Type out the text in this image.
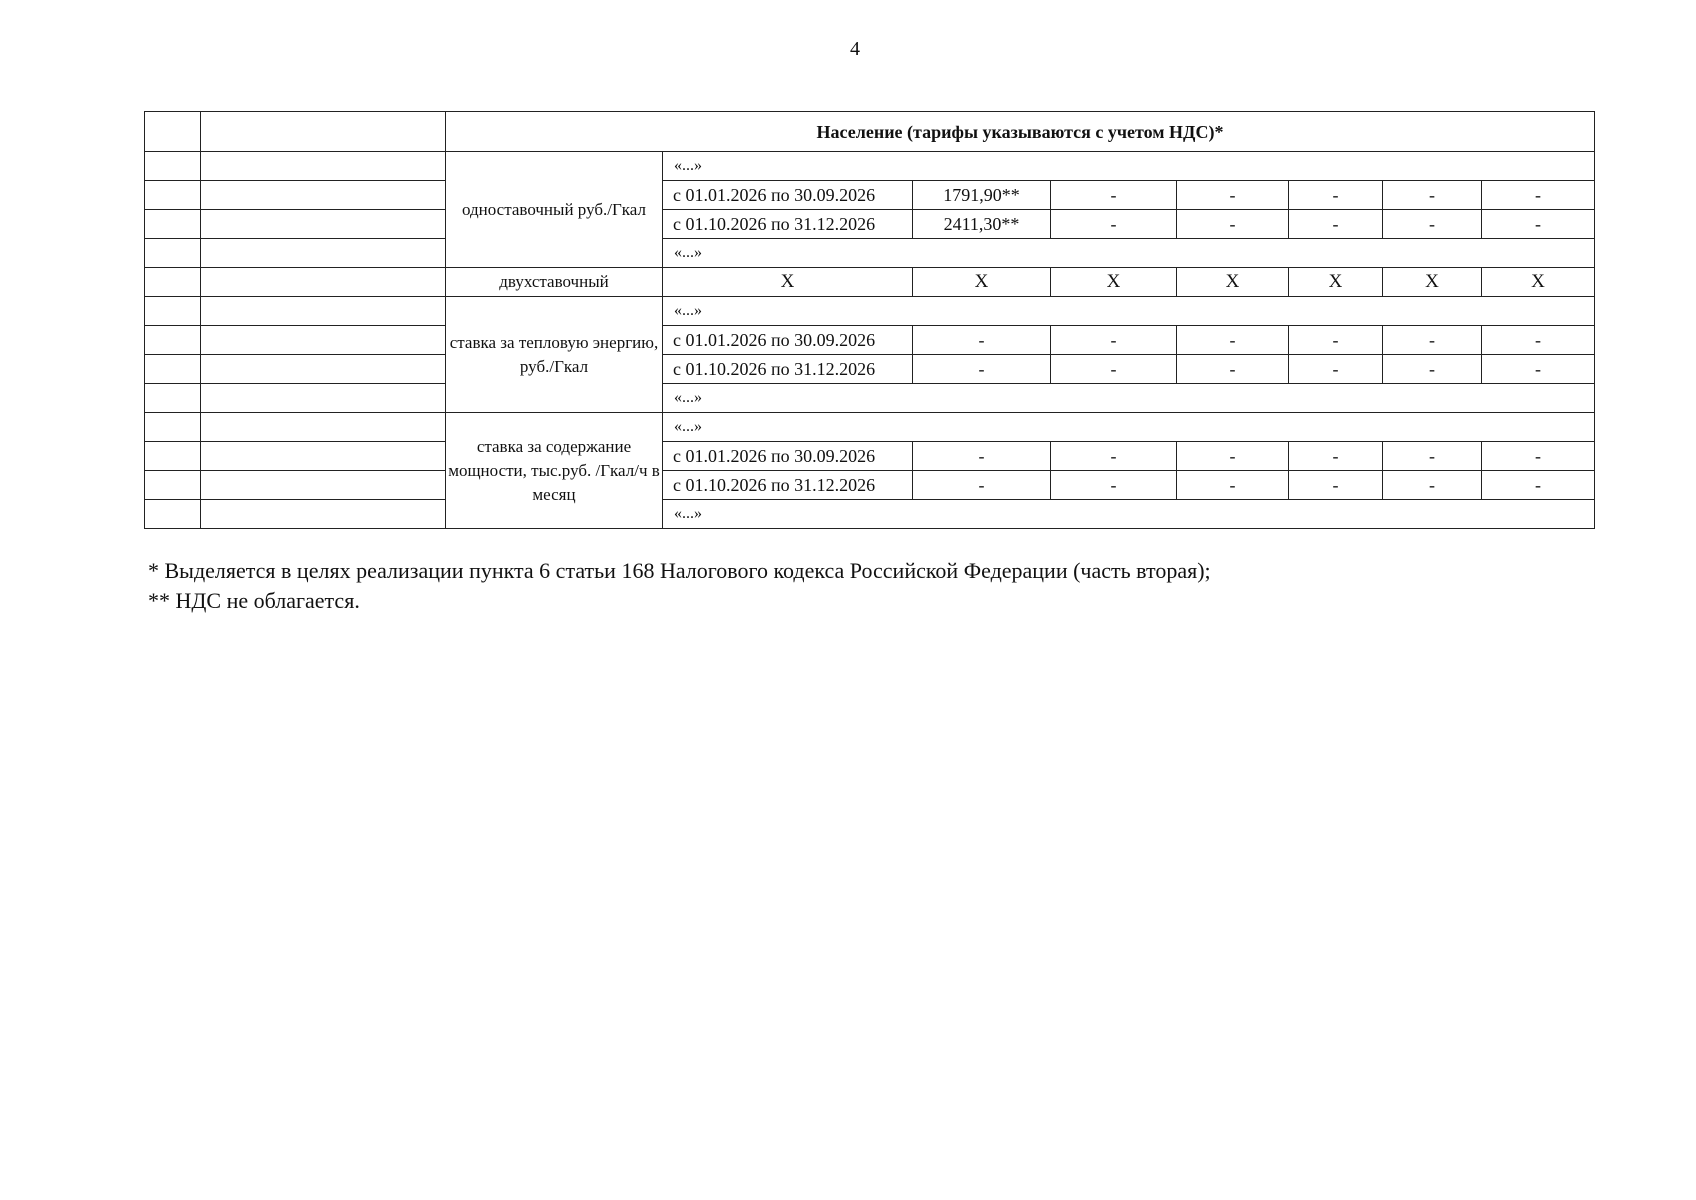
4
		Население (тарифы указываются с учетом НДС)*							
		одноставочный руб./Гкал	«...»						
			с 01.01.2026 по 30.09.2026	1791,90**	-	-	-	-	-
			с 01.10.2026 по 31.12.2026	2411,30**	-	-	-	-	-
			«...»						
		двухставочный	Х	Х	Х	Х	Х	Х	Х
		ставка за тепловую энергию, руб./Гкал	«...»						
			с 01.01.2026 по 30.09.2026	-	-	-	-	-	-
			с 01.10.2026 по 31.12.2026	-	-	-	-	-	-
			«...»						
		ставка за содержание мощности, тыс.руб. /Гкал/ч в месяц	«...»						
			с 01.01.2026 по 30.09.2026	-	-	-	-	-	-
			с 01.10.2026 по 31.12.2026	-	-	-	-	-	-
			«...»						

* Выделяется в целях реализации пункта 6 статьи 168 Налогового кодекса Российской Федерации (часть вторая);

** НДС не облагается.
